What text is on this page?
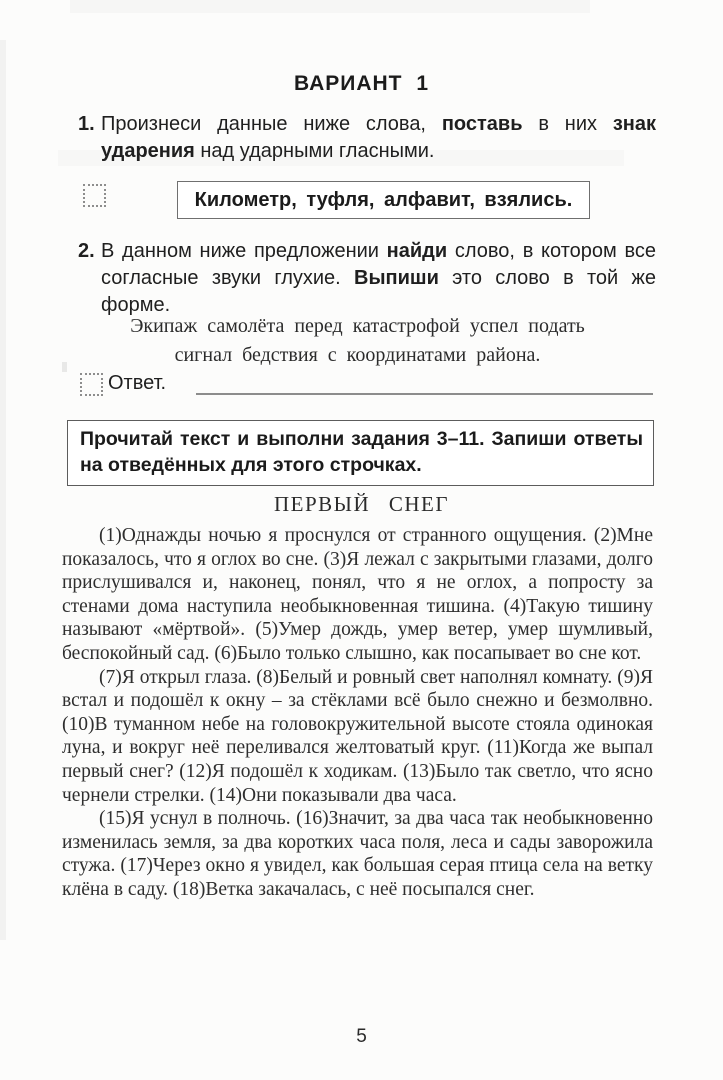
ВАРИАНТ 1
1. Произнеси данные ниже слова, поставь в них знак ударения над ударными гласными.
Километр, туфля, алфавит, взялись.
2. В данном ниже предложении найди слово, в котором все согласные звуки глухие. Выпиши это слово в той же форме.
Экипаж самолёта перед катастрофой успел подать
сигнал бедствия с координатами района.
Ответ.
Прочитай текст и выполни задания 3–11. Запиши ответы на отведённых для этого строчках.
ПЕРВЫЙ СНЕГ

(1)Однажды ночью я проснулся от странного ощущения. (2)Мне показалось, что я оглох во сне. (3)Я лежал с закрытыми глазами, долго прислушивался и, наконец, понял, что я не оглох, а попросту за стенами дома наступила необыкновенная тишина. (4)Такую тишину называют «мёртвой». (5)Умер дождь, умер ветер, умер шумливый, беспокойный сад. (6)Было только слышно, как посапывает во сне кот.

(7)Я открыл глаза. (8)Белый и ровный свет наполнял комнату. (9)Я встал и подошёл к окну – за стёклами всё было снежно и безмолвно. (10)В туманном небе на головокружительной высоте стояла одинокая луна, и вокруг неё переливался желтоватый круг. (11)Когда же выпал первый снег? (12)Я подошёл к ходикам. (13)Было так светло, что ясно чернели стрелки. (14)Они показывали два часа.

(15)Я уснул в полночь. (16)Значит, за два часа так необыкновенно изменилась земля, за два коротких часа поля, леса и сады заворожила стужа. (17)Через окно я увидел, как большая серая птица села на ветку клёна в саду. (18)Ветка закачалась, с неё посыпался снег.

5
